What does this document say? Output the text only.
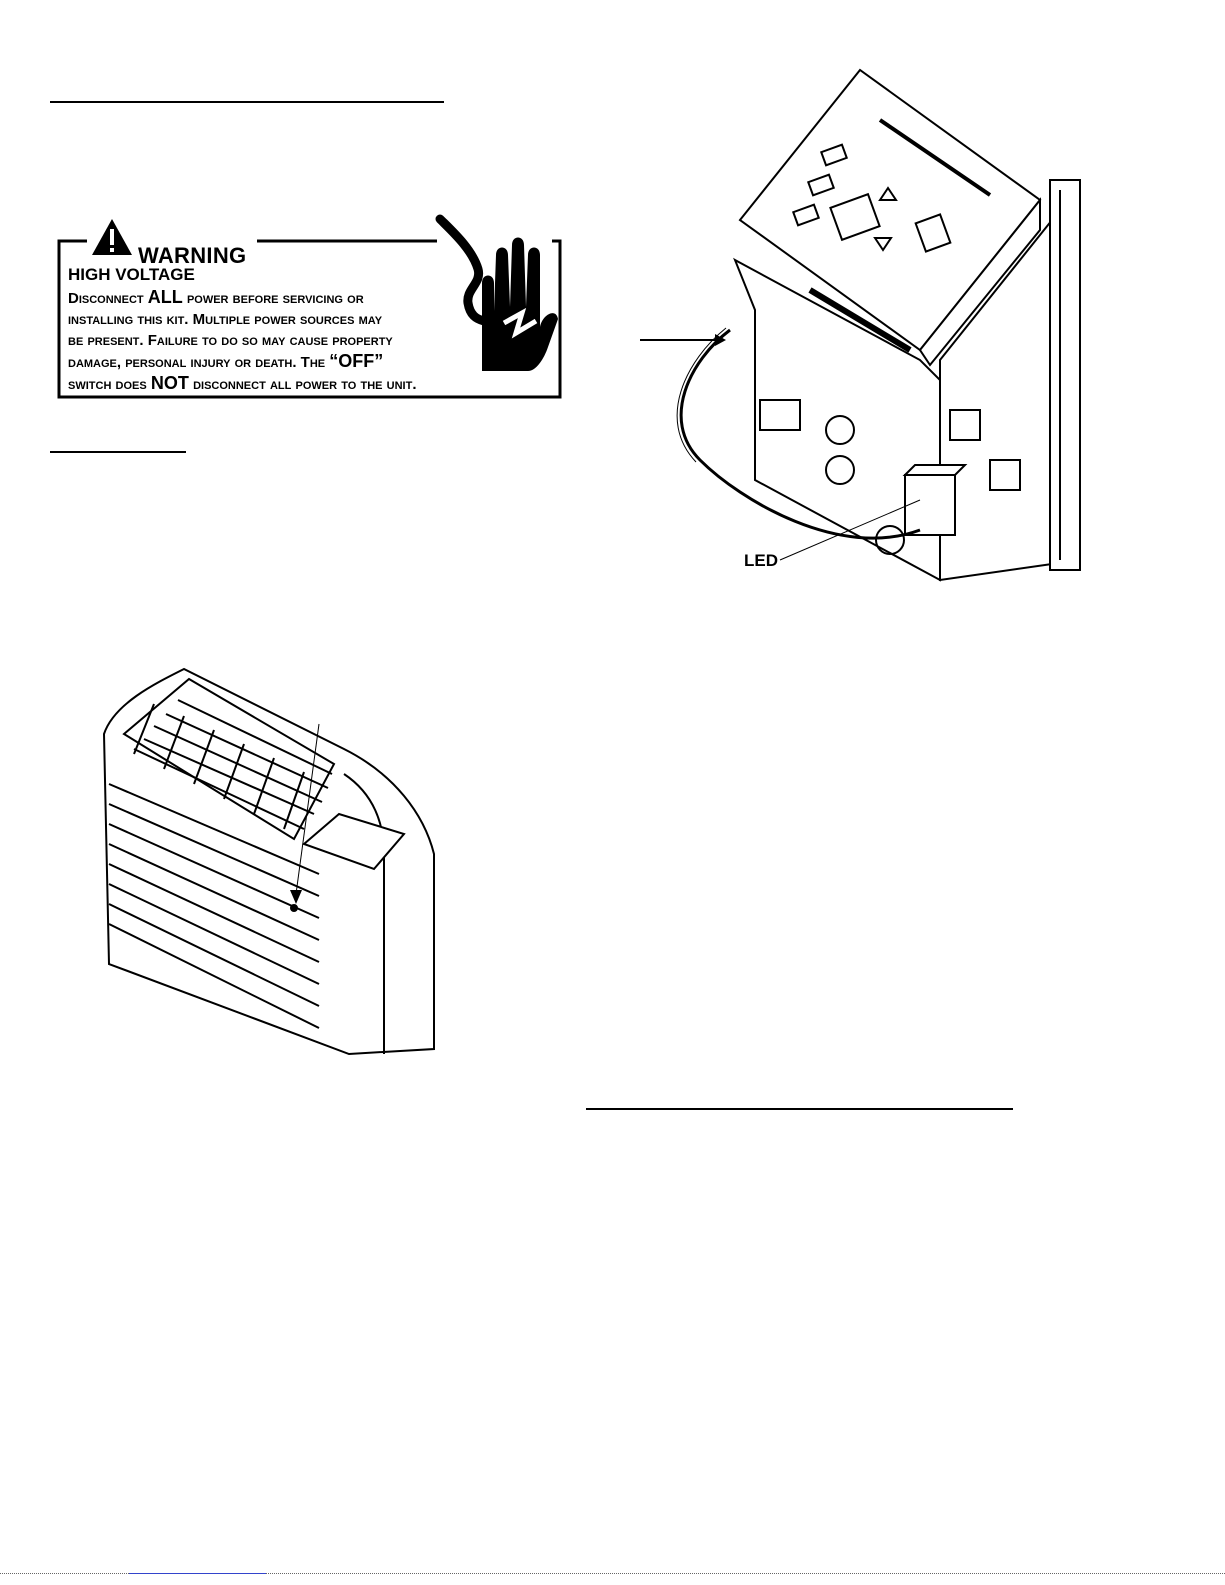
WARNING
HIGH VOLTAGE
Disconnect ALL power before servicing or
installing this kit. Multiple power sources may
be present. Failure to do so may cause property
damage, personal injury or death. The “OFF”
switch does NOT disconnect all power to the unit.
LED
